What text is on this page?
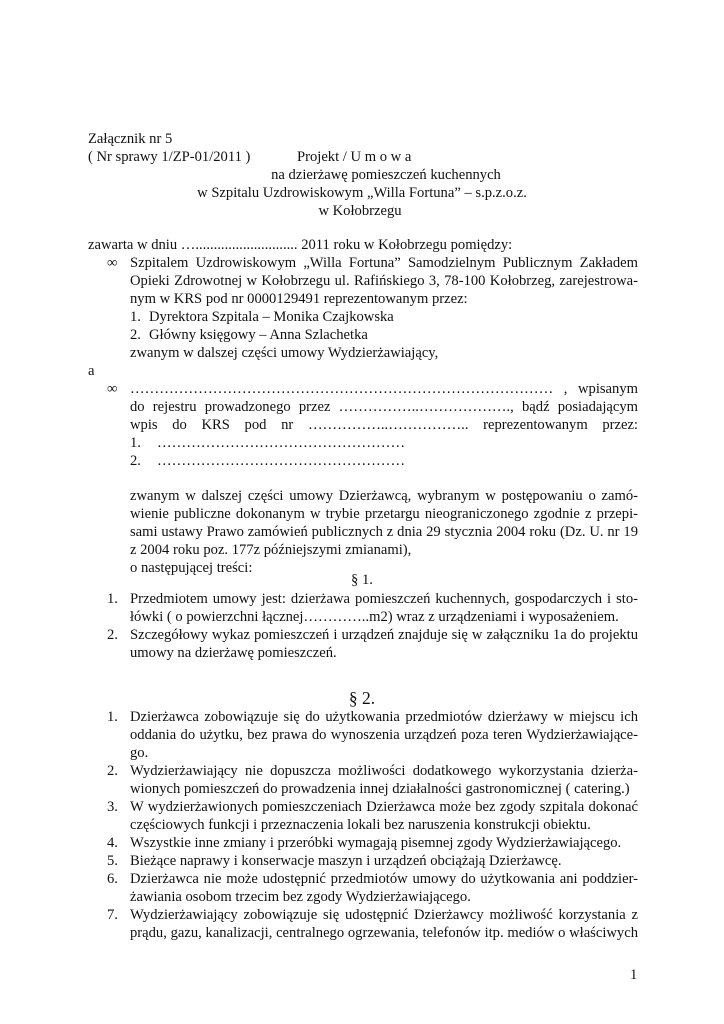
Załącznik nr 5
( Nr sprawy 1/ZP-01/2011 )	Projekt / U m o w a
na dzierżawę pomieszczeń kuchennych
w Szpitalu Uzdrowiskowym „Willa Fortuna” – s.p.z.o.z.
w Kołobrzegu
zawarta w dniu …............................ 2011 roku w Kołobrzegu pomiędzy:
∞ Szpitalem Uzdrowiskowym „Willa Fortuna” Samodzielnym Publicznym Zakładem
Opieki Zdrowotnej w Kołobrzegu ul. Rafińskiego 3, 78-100 Kołobrzeg, zarejestrowa-
nym w KRS pod nr 0000129491 reprezentowanym przez:
1. Dyrektora Szpitala – Monika Czajkowska
2. Główny księgowy – Anna Szlachetka
zwanym w dalszej części umowy Wydzierżawiający,
a
∞ …………………………………………………………………………… , wpisanym
do rejestru prowadzonego przez ……………..………………., bądź posiadającym
wpis do KRS pod nr ……………..…………….. reprezentowanym przez:
1. ……………………………………………
2. ……………………………………………
zwanym w dalszej części umowy Dzierżawcą, wybranym w postępowaniu o zamó-
wienie publiczne dokonanym w trybie przetargu nieograniczonego zgodnie z przepi-
sami ustawy Prawo zamówień publicznych z dnia 29 stycznia 2004 roku (Dz. U. nr 19
z 2004 roku poz. 177z późniejszymi zmianami),
o następującej treści:
§ 1.
1. Przedmiotem umowy jest: dzierżawa pomieszczeń kuchennych, gospodarczych i sto-
łówki ( o powierzchni łącznej…………..m2) wraz z urządzeniami i wyposażeniem.
2. Szczegółowy wykaz pomieszczeń i urządzeń znajduje się w załączniku 1a do projektu
umowy na dzierżawę pomieszczeń.
§ 2.
1. Dzierżawca zobowiązuje się do użytkowania przedmiotów dzierżawy w miejscu ich
oddania do użytku, bez prawa do wynoszenia urządzeń poza teren Wydzierżawiające-
go.
2. Wydzierżawiający nie dopuszcza możliwości dodatkowego wykorzystania dzierża-
wionych pomieszczeń do prowadzenia innej działalności gastronomicznej ( catering.)
3. W wydzierżawionych pomieszczeniach Dzierżawca może bez zgody szpitala dokonać
częściowych funkcji i przeznaczenia lokali bez naruszenia konstrukcji obiektu.
4. Wszystkie inne zmiany i przeróbki wymagają pisemnej zgody Wydzierżawiającego.
5. Bieżące naprawy i konserwacje maszyn i urządzeń obciążają Dzierżawcę.
6. Dzierżawca nie może udostępnić przedmiotów umowy do użytkowania ani poddzier-
żawiania osobom trzecim bez zgody Wydzierżawiającego.
7. Wydzierżawiający zobowiązuje się udostępnić Dzierżawcy możliwość korzystania z
prądu, gazu, kanalizacji, centralnego ogrzewania, telefonów itp. mediów o właściwych
1
